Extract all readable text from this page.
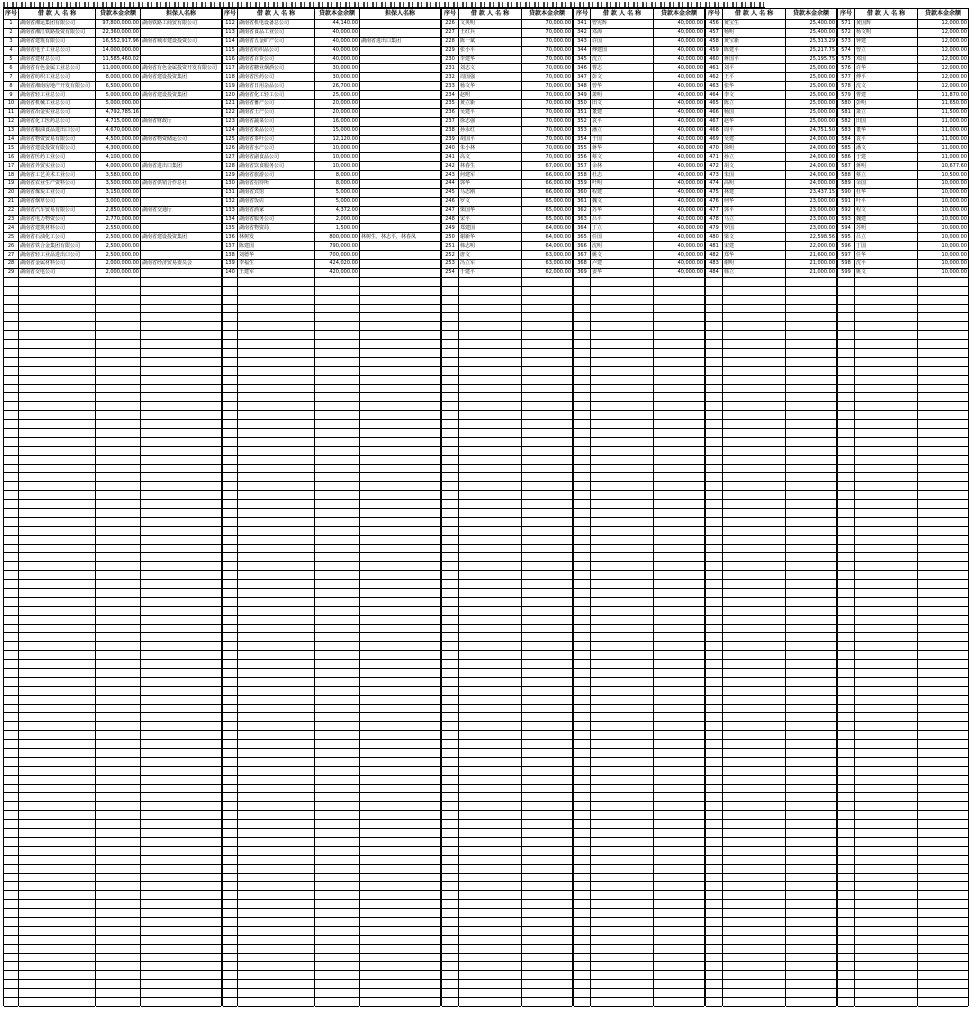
序号
1
2
3
4
5
6
7
8
9
10
11
12
13
14
15
16
17
18
19
20
21
22
23
24
25
26
27
28
29
借 款 人 名 称
湖南省湘运集团有限公司
湖南省湘江铁路投资有限公司
湖南省建筑有限公司
湖南省电子工业总公司
湖南省建材总公司
湖南省有色金属工业总公司
湖南省纺织工业总公司
湖南省湘南房地产开发有限公司
湖南省轻工业总公司
湖南省机械工业总公司
湖南省冶金实业总公司
湖南省化工医药总公司
湖南省粮油食品进出口公司
湖南省物资贸易有限公司
湖南省建设投资有限公司
湖南省医药工业公司
湖南省外贸实业公司
湖南省工艺美术工业公司
湖南省农业生产资料公司
湖南省煤炭工业公司
湖南省烟草公司
湖南省汽车贸易有限公司
湖南省电力物资公司
湖南省建筑材料公司
湖南省石油化工公司
湖南省铁合金集团有限公司
湖南省轻工业品进出口公司
湖南省金属材料公司
湖南省交电公司
贷款本金余额
97,800,000.00
22,360,000.00
16,552,917.96
14,000,000.00
11,585,460.02
11,000,000.00
8,000,000.00
6,500,000.00
5,000,000.00
5,000,000.00
4,792,785.16
4,715,000.00
4,670,000.00
4,500,000.00
4,300,000.00
4,100,000.00
4,000,000.00
3,580,000.00
3,500,000.00
3,150,000.00
3,000,000.00
2,850,000.00
2,770,000.00
2,550,000.00
2,500,000.00
2,500,000.00
2,500,000.00
2,000,000.00
2,000,000.00
担保人名称
湖南铁路工商贸有限公司
湖南省城市建设投资公司
湖南省有色金属投资开发有限公司
湖南省建设投资集团
湖南省建设投资集团
湖南省财政厅
湖南省物资储运公司
湖南省进出口集团
湖南省供销合作总社
湖南省交通厅
湖南省建设投资集团
湖南省经济贸易委员会
序号
112
113
114
115
116
117
118
119
120
121
122
123
124
125
126
127
128
129
130
131
132
133
134
135
136
137
138
139
140
借 款 人 名 称
湖南省机电设备总公司
湖南省食品工业公司
湖南省五金矿产公司
湖南省纺织品公司
湖南省百货公司
湖南省糖业烟酒公司
湖南省医药公司
湖南省日用杂品公司
湖南省化工轻工公司
湖南省畜产公司
湖南省土产公司
湖南省蔬菜公司
湖南省果品公司
湖南省茶叶公司
湖南省水产公司
湖南省副食品公司
湖南省饮食服务公司
湖南省旅游公司
湖南省招待所
湖南省宾馆
湖南省饭店
湖南省酒家
湖南省服务公司
湖南省物资局
林树发
陈建国
刘德华
李福生
王建军
贷款本金余额
44,140.00
40,000.00
40,000.00
40,000.00
40,000.00
30,000.00
30,000.00
26,700.00
25,000.00
20,000.00
20,000.00
16,000.00
15,000.00
12,120.00
10,000.00
10,000.00
10,000.00
8,000.00
8,000.00
5,000.00
5,000.00
4,372.00
2,000.00
1,500.00
800,000.00
790,000.00
700,000.00
424,020.00
420,000.00
担保人名称
湖南省进出口集团
林树生，林志平，林春凤
序号
226
227
228
229
230
231
232
233
234
235
236
237
238
239
240
241
242
243
244
245
246
247
248
249
250
251
252
253
254
借 款 人 名 称
文英明
王红兵
陈一斌
张小平
李建华
刘志文
周国强
杨文华
赵明
黄立新
吴建平
徐志强
孙永红
胡国平
朱小林
高文
林春生
何建军
郭华
马志刚
罗文
梁国华
宋平
郑建国
谢新华
韩志明
唐文
冯立军
于建平
贷款本金余额
70,000.00
70,000.00
70,000.00
70,000.00
70,000.00
70,000.00
70,000.00
70,000.00
70,000.00
70,000.00
70,000.00
70,000.00
70,000.00
70,000.00
70,000.00
70,000.00
67,000.00
66,000.00
66,000.00
66,000.00
65,000.00
65,000.00
65,000.00
64,000.00
64,000.00
64,000.00
63,000.00
63,000.00
62,000.00
序号
341
342
343
344
345
346
347
348
349
350
351
352
353
354
355
356
357
358
359
360
361
362
363
364
365
366
367
368
369
借 款 人 名 称
曾宪辉
邓海
许国
傅建国
沈立
曹志
彭文
曾华
萧明
田文
董建
袁平
潘立
于国
蒋华
蔡文
余林
杜志
叶明
程建
魏文
苏华
吕平
丁立
任国
沈明
姚文
卢建
姜华
贷款本金余额
40,000.00
40,000.00
40,000.00
40,000.00
40,000.00
40,000.00
40,000.00
40,000.00
40,000.00
40,000.00
40,000.00
40,000.00
40,000.00
40,000.00
40,000.00
40,000.00
40,000.00
40,000.00
40,000.00
40,000.00
40,000.00
40,000.00
40,000.00
40,000.00
40,000.00
40,000.00
40,000.00
40,000.00
40,000.00
序号
456
457
458
459
460
461
462
463
464
465
466
467
468
469
470
471
472
473
474
475
476
477
478
479
480
481
482
483
484
借 款 人 名 称
黄宝生
杨明
黄宝新
陈建平
蒋国平
刘平
王平
张华
李文
陈立
杨国
赵华
周平
吴建
徐明
孙立
胡文
朱国
高明
林建
何华
郭平
马立
罗国
梁文
宋建
郑华
谢明
韩立
贷款本金余额
25,400.00
25,400.00
25,313.29
25,217.75
25,195.75
25,000.00
25,000.00
25,000.00
25,000.00
25,000.00
25,000.00
25,000.00
24,751.50
24,000.00
24,000.00
24,000.00
24,000.00
24,000.00
24,000.00
23,437.15
23,000.00
23,000.00
23,000.00
23,000.00
22,598.56
22,000.00
21,600.00
21,000.00
21,000.00
序号
571
572
573
574
575
576
577
578
579
580
581
582
583
584
585
586
587
588
589
590
591
592
593
594
595
596
597
598
599
借 款 人 名 称
黄国辉
杨文明
钟建
曾立
邓国
许华
傅平
沈文
曹建
彭明
萧立
田国
董华
袁平
潘文
于建
蒋明
蔡立
余国
杜华
叶平
程文
魏建
苏明
吕立
丁国
任华
沈平
姚文
贷款本金余额
12,000.00
12,000.00
12,000.00
12,000.00
12,000.00
12,000.00
12,000.00
12,000.00
11,870.00
11,650.00
11,500.00
11,000.00
11,000.00
11,000.00
11,000.00
11,000.00
10,677.60
10,500.00
10,000.00
10,000.00
10,000.00
10,000.00
10,000.00
10,000.00
10,000.00
10,000.00
10,000.00
10,000.00
10,000.00
